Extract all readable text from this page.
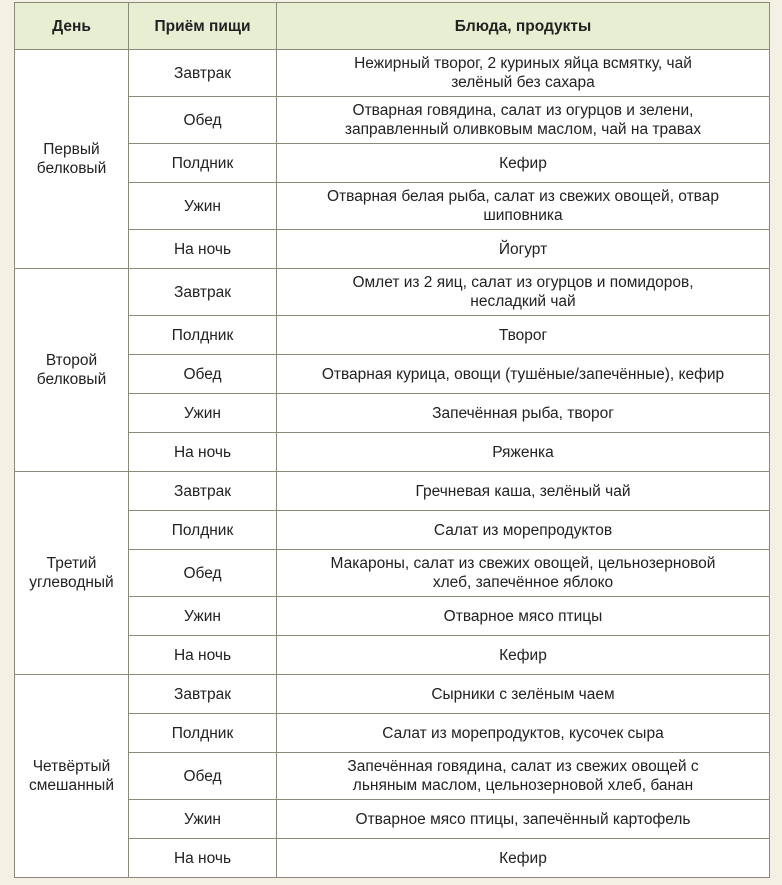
День	Приём пищи	Блюда, продукты
Первый
белковый	Завтрак	Нежирный творог, 2 куриных яйца всмятку, чай
зелёный без сахара
	Обед	Отварная говядина, салат из огурцов и зелени,
заправленный оливковым маслом, чай на травах
	Полдник	Кефир
	Ужин	Отварная белая рыба, салат из свежих овощей, отвар
шиповника
	На ночь	Йогурт
Второй
белковый	Завтрак	Омлет из 2 яиц, салат из огурцов и помидоров,
несладкий чай
	Полдник	Творог
	Обед	Отварная курица, овощи (тушёные/запечённые), кефир
	Ужин	Запечённая рыба, творог
	На ночь	Ряженка
Третий
углеводный	Завтрак	Гречневая каша, зелёный чай
	Полдник	Салат из морепродуктов
	Обед	Макароны, салат из свежих овощей, цельнозерновой
хлеб, запечённое яблоко
	Ужин	Отварное мясо птицы
	На ночь	Кефир
Четвёртый
смешанный	Завтрак	Сырники с зелёным чаем
	Полдник	Салат из морепродуктов, кусочек сыра
	Обед	Запечённая говядина, салат из свежих овощей с
льняным маслом, цельнозерновой хлеб, банан
	Ужин	Отварное мясо птицы, запечённый картофель
	На ночь	Кефир
